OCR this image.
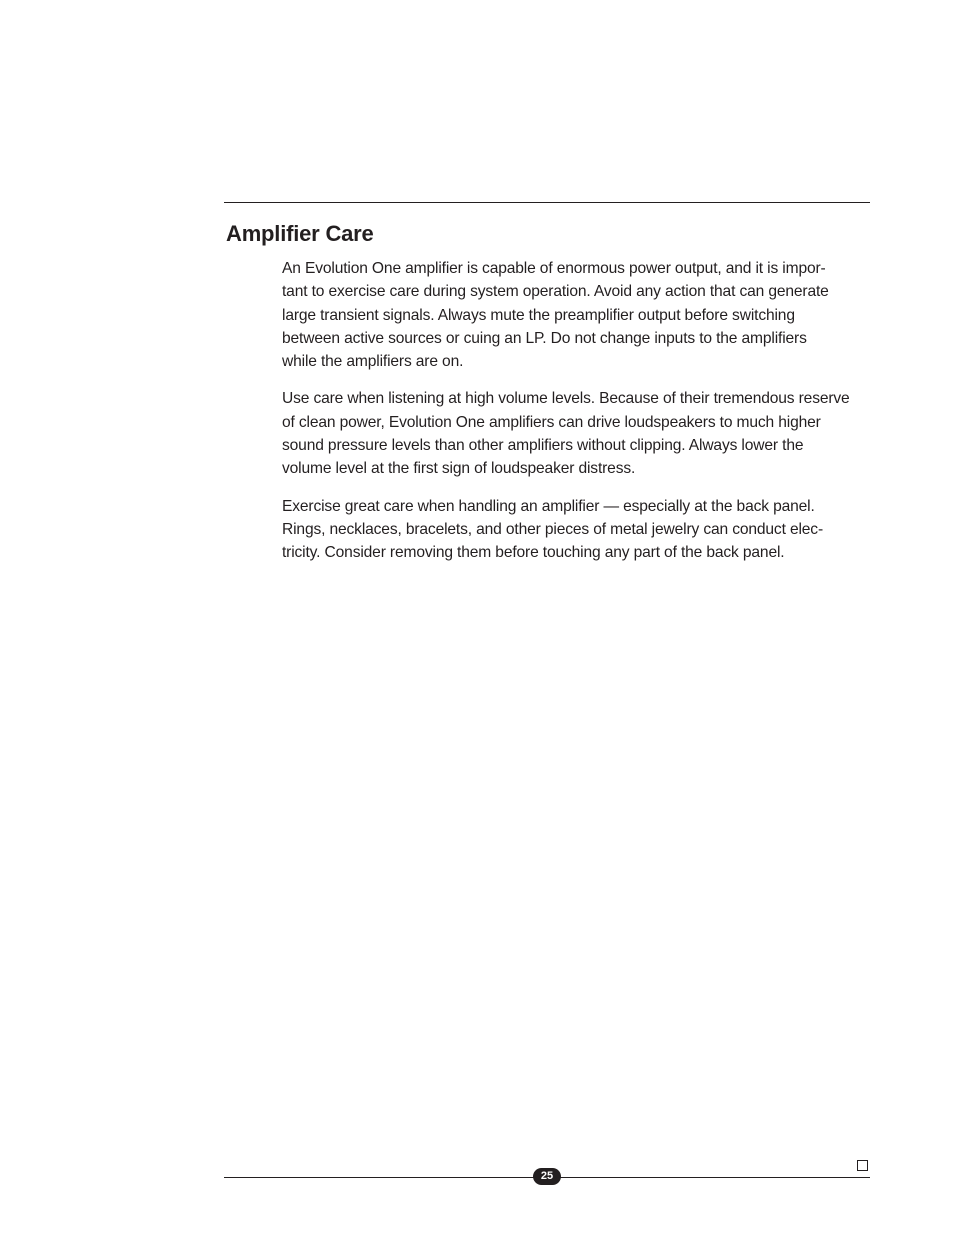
Amplifier Care

An Evolution One amplifier is capable of enormous power output, and it is impor-
tant to exercise care during system operation. Avoid any action that can generate
large transient signals. Always mute the preamplifier output before switching
between active sources or cuing an LP. Do not change inputs to the amplifiers
while the amplifiers are on.

Use care when listening at high volume levels. Because of their tremendous reserve
of clean power, Evolution One amplifiers can drive loudspeakers to much higher
sound pressure levels than other amplifiers without clipping. Always lower the
volume level at the first sign of loudspeaker distress.

Exercise great care when handling an amplifier — especially at the back panel.
Rings, necklaces, bracelets, and other pieces of metal jewelry can conduct elec-
tricity. Consider removing them before touching any part of the back panel.

25
